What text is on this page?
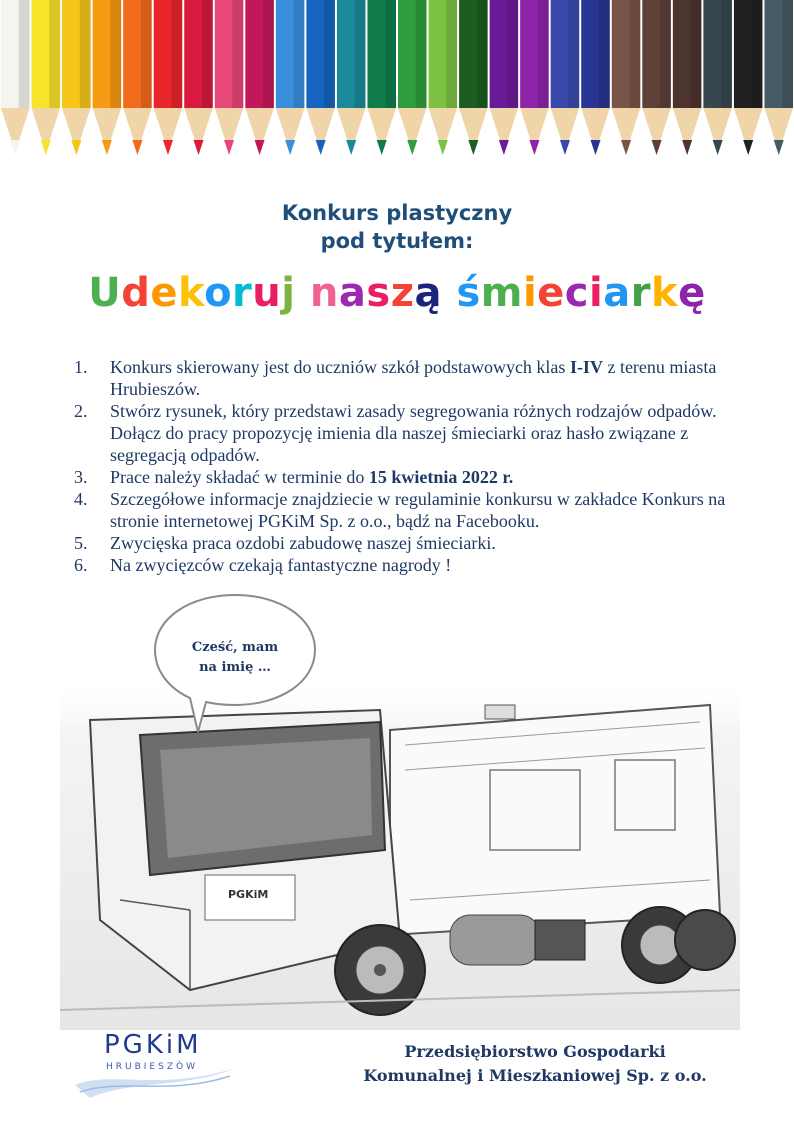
Konkurs plastyczny
pod tytułem:
Udekoruj naszą śmieciarkę
1. Konkurs skierowany jest do uczniów szkół podstawowych klas I-IV z terenu miasta Hrubieszów.
2. Stwórz rysunek, który przedstawi zasady segregowania różnych rodzajów odpadów. Dołącz do pracy propozycję imienia dla naszej śmieciarki oraz hasło związane z segregacją odpadów.
3. Prace należy składać w terminie do 15 kwietnia 2022 r.
4. Szczegółowe informacje znajdziecie w regulaminie konkursu w zakładce Konkurs na stronie internetowej PGKiM Sp. z o.o., bądź na Facebooku.
5. Zwycięska praca ozdobi zabudowę naszej śmieciarki.
6. Na zwycięzców czekają fantastyczne nagrody !
PGKiM
Cześć, mam
na imię …
PGKiM
HRUBIESZÓW
Przedsiębiorstwo Gospodarki
Komunalnej i Mieszkaniowej Sp. z o.o.
